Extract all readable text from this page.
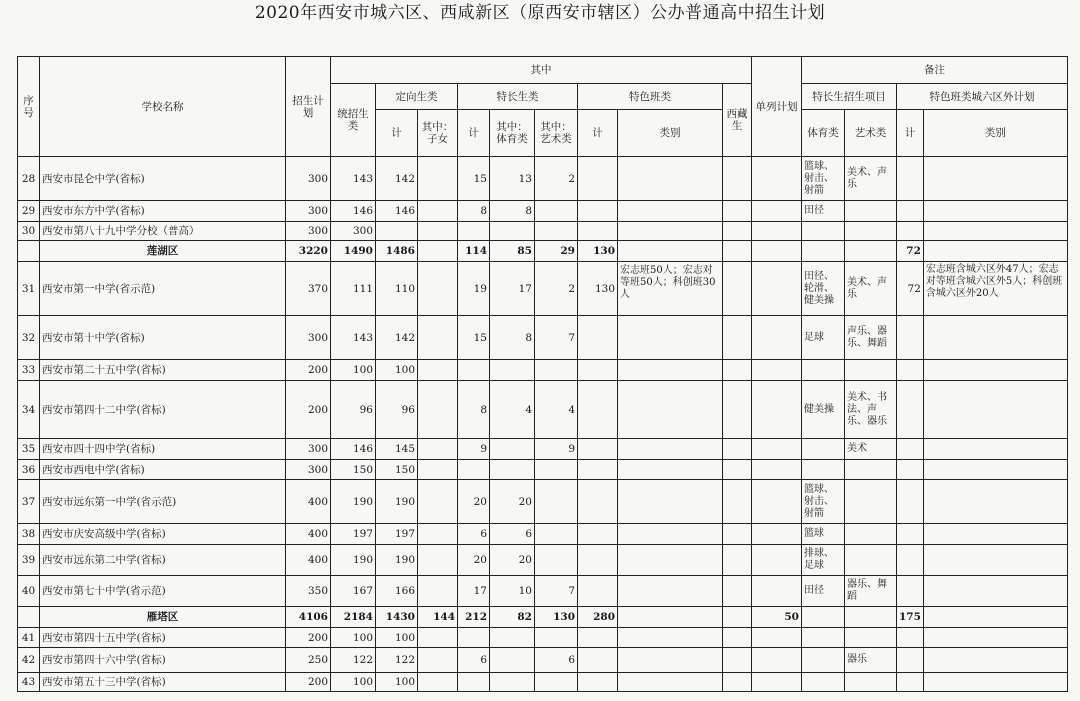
2020年西安市城六区、西咸新区（原西安市辖区）公办普通高中招生计划
序号	学校名称	招生计划	其中									单列计划	备注			
			统招生类	定向生类		特长生类			特色班类		西藏生		特长生招生项目		特色班类城六区外计划	
				计	其中：子女	计	其中：体育类	其中：艺术类	计	类别			体育类	艺术类	计	类别
28	西安市昆仑中学(省标)	300	143	142		15	13	2					篮球、射击、射箭	美术、声乐		
29	西安市东方中学(省标)	300	146	146		8	8						田径			
30	西安市第八十九中学分校（普高）	300	300													
	莲湖区	3220	1490	1486		114	85	29	130						72	
31	西安市第一中学(省示范)	370	111	110		19	17	2	130	宏志班50人；宏志对等班50人；科创班30人			田径、轮滑、健美操	美术、声乐	72	宏志班含城六区外47人；宏志对等班含城六区外5人；科创班含城六区外20人
32	西安市第十中学(省标)	300	143	142		15	8	7					足球	声乐、器乐、舞蹈		
33	西安市第二十五中学(省标)	200	100	100												
34	西安市第四十二中学(省标)	200	96	96		8	4	4					健美操	美术、书法、声乐、器乐		
35	西安市四十四中学(省标)	300	146	145		9		9						美术		
36	西安市西电中学(省标)	300	150	150												
37	西安市远东第一中学(省示范)	400	190	190		20	20						篮球、射击、射箭			
38	西安市庆安高级中学(省标)	400	197	197		6	6						篮球			
39	西安市远东第二中学(省标)	400	190	190		20	20						排球、足球			
40	西安市第七十中学(省示范)	350	167	166		17	10	7					田径	器乐、舞蹈		
	雁塔区	4106	2184	1430	144	212	82	130	280			50			175	
41	西安市第四十五中学(省标)	200	100	100												
42	西安市第四十六中学(省标)	250	122	122		6		6						器乐		
43	西安市第五十三中学(省标)	200	100	100												
